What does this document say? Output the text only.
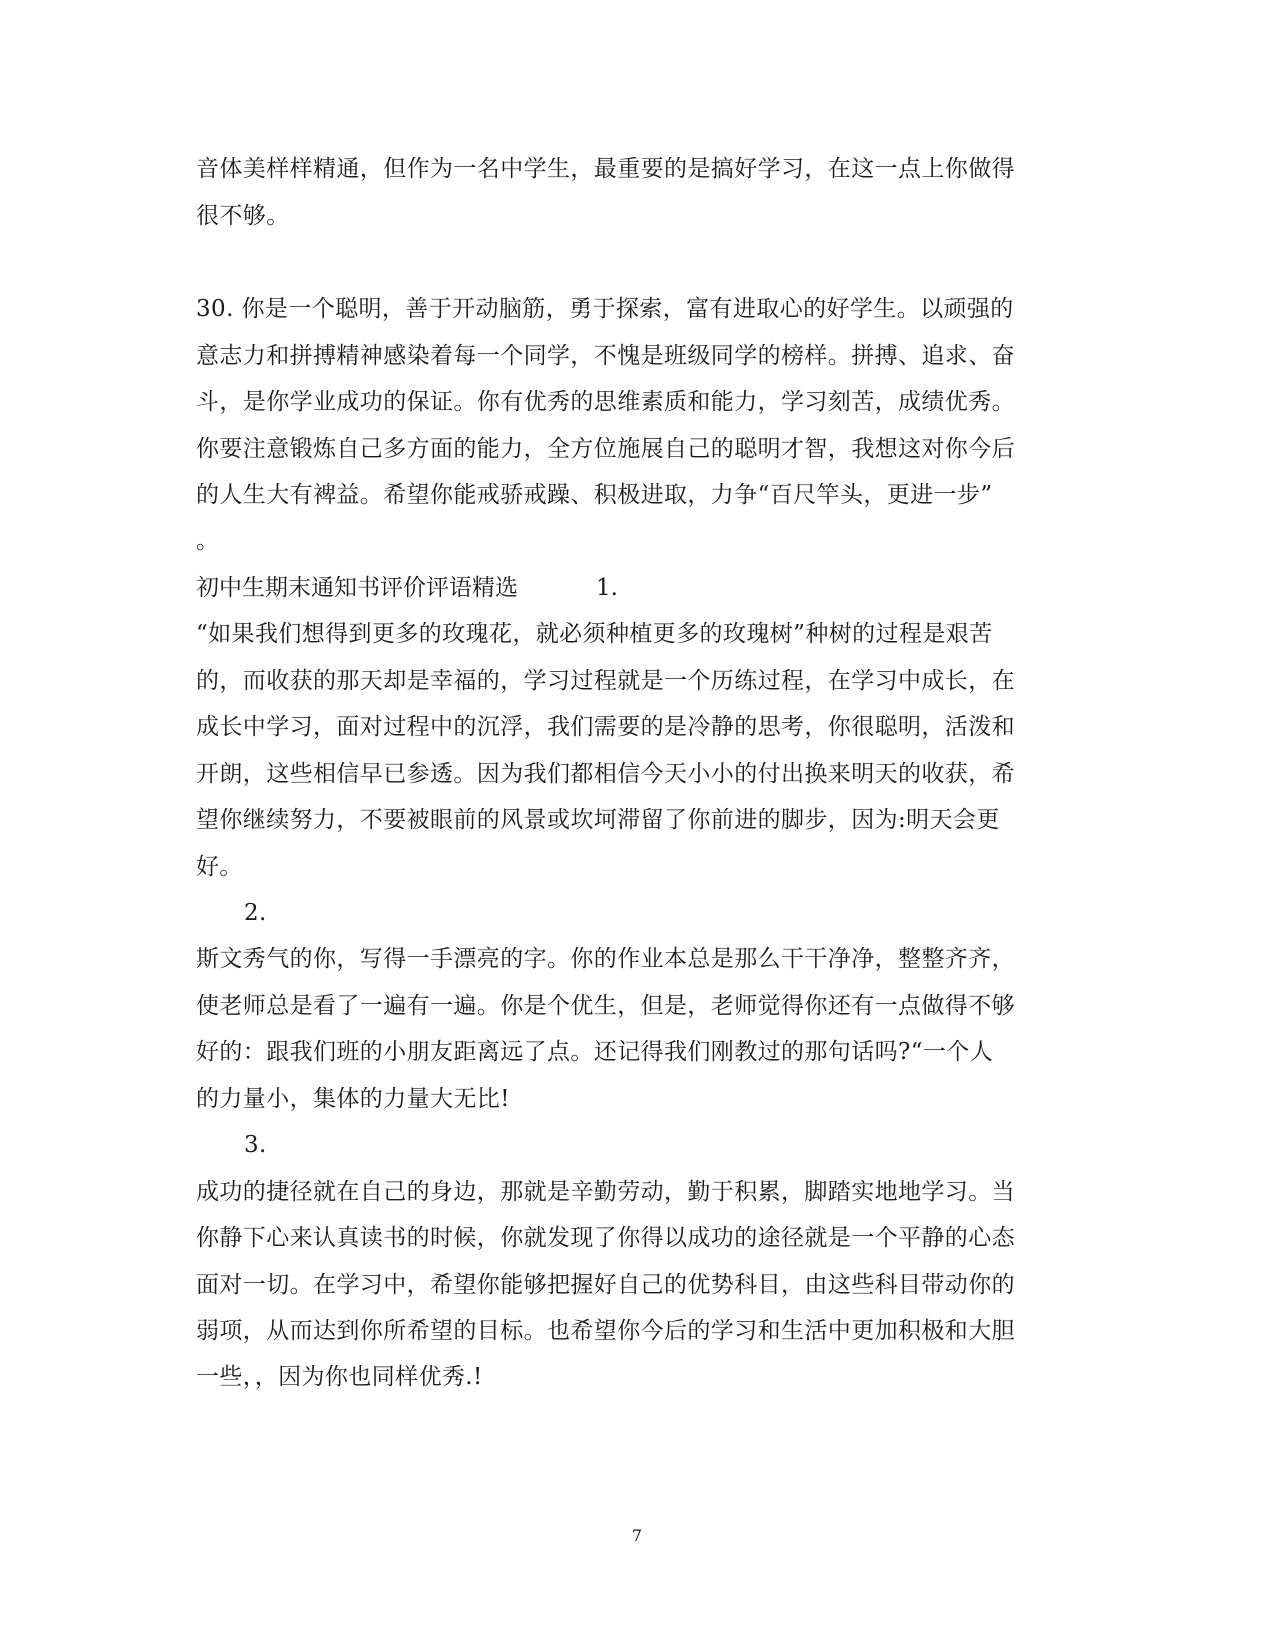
音体美样样精通，但作为一名中学生，最重要的是搞好学习，在这一点上你做得
很不够。
30. 你是一个聪明，善于开动脑筋，勇于探索，富有进取心的好学生。以顽强的
意志力和拼搏精神感染着每一个同学，不愧是班级同学的榜样。拼搏、追求、奋
斗，是你学业成功的保证。你有优秀的思维素质和能力，学习刻苦，成绩优秀。
你要注意锻炼自己多方面的能力，全方位施展自己的聪明才智，我想这对你今后
的人生大有裨益。希望你能戒骄戒躁、积极进取，力争“百尺竿头，更进一步”
。
初中生期末通知书评价评语精选	1.
“如果我们想得到更多的玫瑰花，就必须种植更多的玫瑰树”种树的过程是艰苦
的，而收获的那天却是幸福的，学习过程就是一个历练过程，在学习中成长，在
成长中学习，面对过程中的沉浮，我们需要的是冷静的思考，你很聪明，活泼和
开朗，这些相信早已参透。因为我们都相信今天小小的付出换来明天的收获，希
望你继续努力，不要被眼前的风景或坎坷滞留了你前进的脚步，因为:明天会更
好。
2.
斯文秀气的你，写得一手漂亮的字。你的作业本总是那么干干净净，整整齐齐，
使老师总是看了一遍有一遍。你是个优生，但是，老师觉得你还有一点做得不够
好的：跟我们班的小朋友距离远了点。还记得我们刚教过的那句话吗?“一个人
的力量小，集体的力量大无比!
3.
成功的捷径就在自己的身边，那就是辛勤劳动，勤于积累，脚踏实地地学习。当
你静下心来认真读书的时候，你就发现了你得以成功的途径就是一个平静的心态
面对一切。在学习中，希望你能够把握好自己的优势科目，由这些科目带动你的
弱项，从而达到你所希望的目标。也希望你今后的学习和生活中更加积极和大胆
一些，，因为你也同样优秀.!
7
